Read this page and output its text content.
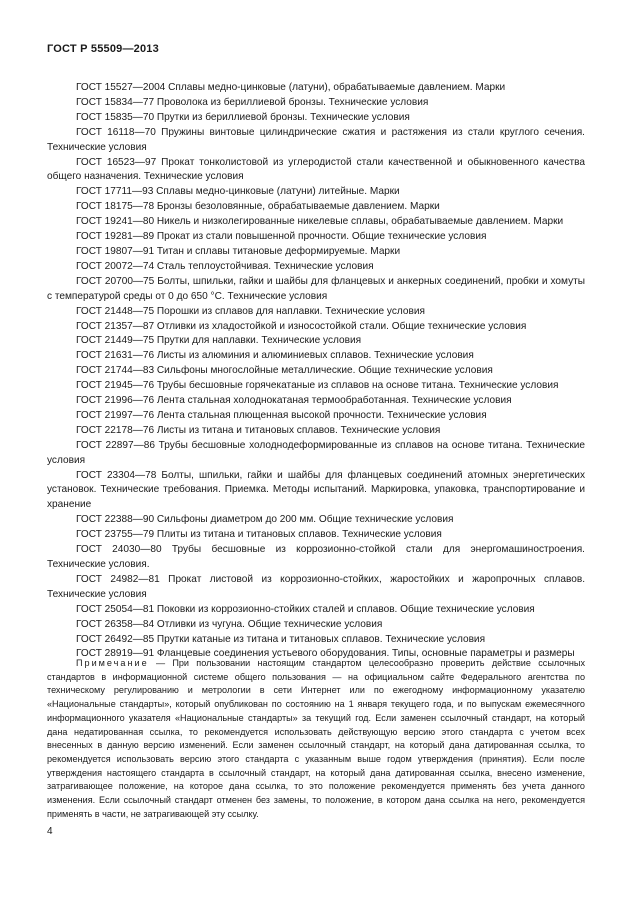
ГОСТ Р 55509—2013

ГОСТ 15527—2004 Сплавы медно-цинковые (латуни), обрабатываемые давлением. Марки

ГОСТ 15834—77 Проволока из бериллиевой бронзы. Технические условия

ГОСТ 15835—70 Прутки из бериллиевой бронзы. Технические условия

ГОСТ 16118—70 Пружины винтовые цилиндрические сжатия и растяжения из стали круглого сечения. Технические условия

ГОСТ 16523—97 Прокат тонколистовой из углеродистой стали качественной и обыкновенного качества общего назначения. Технические условия

ГОСТ 17711—93 Сплавы медно-цинковые (латуни) литейные. Марки

ГОСТ 18175—78 Бронзы безоловянные, обрабатываемые давлением. Марки

ГОСТ 19241—80 Никель и низколегированные никелевые сплавы, обрабатываемые давлением. Марки

ГОСТ 19281—89 Прокат из стали повышенной прочности. Общие технические условия

ГОСТ 19807—91 Титан и сплавы титановые деформируемые. Марки

ГОСТ 20072—74 Сталь теплоустойчивая. Технические условия

ГОСТ 20700—75 Болты, шпильки, гайки и шайбы для фланцевых и анкерных соединений, пробки и хомуты с температурой среды от 0 до 650 °С. Технические условия

ГОСТ 21448—75 Порошки из сплавов для наплавки. Технические условия

ГОСТ 21357—87 Отливки из хладостойкой и износостойкой стали. Общие технические условия

ГОСТ 21449—75 Прутки для наплавки. Технические условия

ГОСТ 21631—76 Листы из алюминия и алюминиевых сплавов. Технические условия

ГОСТ 21744—83 Сильфоны многослойные металлические. Общие технические условия

ГОСТ 21945—76 Трубы бесшовные горячекатаные из сплавов на основе титана. Технические условия

ГОСТ 21996—76 Лента стальная холоднокатаная термообработанная. Технические условия

ГОСТ 21997—76 Лента стальная плющенная высокой прочности. Технические условия

ГОСТ 22178—76 Листы из титана и титановых сплавов. Технические условия

ГОСТ 22897—86 Трубы бесшовные холоднодеформированные из сплавов на основе титана. Технические условия

ГОСТ 23304—78 Болты, шпильки, гайки и шайбы для фланцевых соединений атомных энергетических установок. Технические требования. Приемка. Методы испытаний. Маркировка, упаковка, транспортирование и хранение

ГОСТ 22388—90 Сильфоны диаметром до 200 мм. Общие технические условия

ГОСТ 23755—79 Плиты из титана и титановых сплавов. Технические условия

ГОСТ 24030—80 Трубы бесшовные из коррозионно-стойкой стали для энергомашиностроения. Технические условия.

ГОСТ 24982—81 Прокат листовой из коррозионно-стойких, жаростойких и жаропрочных сплавов. Технические условия

ГОСТ 25054—81 Поковки из коррозионно-стойких сталей и сплавов. Общие технические условия

ГОСТ 26358—84 Отливки из чугуна. Общие технические условия

ГОСТ 26492—85 Прутки катаные из титана и титановых сплавов. Технические условия

ГОСТ 28919—91 Фланцевые соединения устьевого оборудования. Типы, основные параметры и размеры

Примечание — При пользовании настоящим стандартом целесообразно проверить действие ссылочных стандартов в информационной системе общего пользования — на официальном сайте Федерального агентства по техническому регулированию и метрологии в сети Интернет или по ежегодному информационному указателю «Национальные стандарты», который опубликован по состоянию на 1 января текущего года, и по выпускам ежемесячного информационного указателя «Национальные стандарты» за текущий год. Если заменен ссылочный стандарт, на который дана недатированная ссылка, то рекомендуется использовать действующую версию этого стандарта с учетом всех внесенных в данную версию изменений. Если заменен ссылочный стандарт, на который дана датированная ссылка, то рекомендуется использовать версию этого стандарта с указанным выше годом утверждения (принятия). Если после утверждения настоящего стандарта в ссылочный стандарт, на который дана датированная ссылка, внесено изменение, затрагивающее положение, на которое дана ссылка, то это положение рекомендуется применять без учета данного изменения. Если ссылочный стандарт отменен без замены, то положение, в котором дана ссылка на него, рекомендуется применять в части, не затрагивающей эту ссылку.

4
